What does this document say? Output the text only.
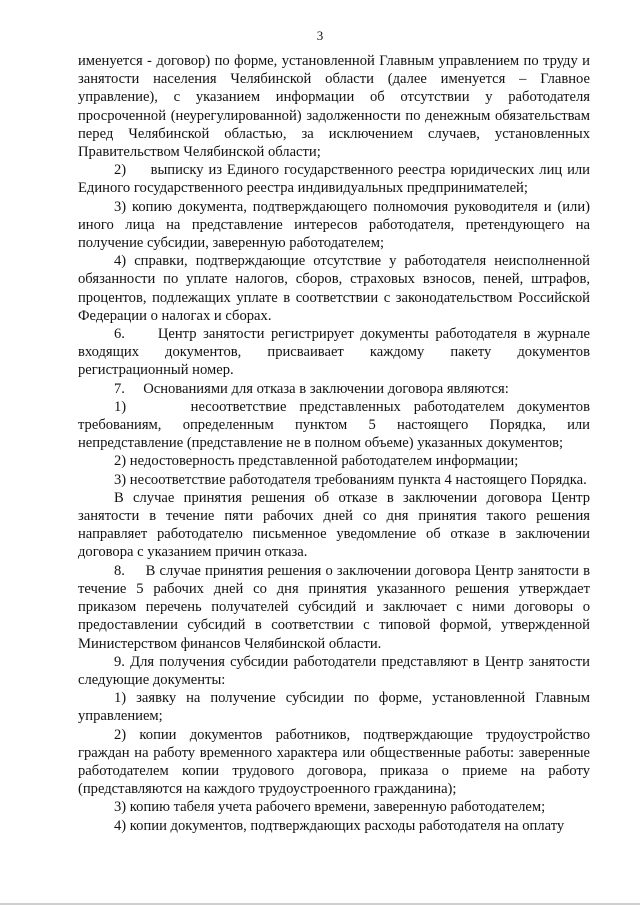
3

именуется - договор) по форме, установленной Главным управлением по труду и занятости населения Челябинской области (далее именуется – Главное управление), с указанием информации об отсутствии у работодателя просроченной (неурегулированной) задолженности по денежным обязательствам перед Челябинской областью, за исключением случаев, установленных Правительством Челябинской области;

2)     выписку из Единого государственного реестра юридических лиц или Единого государственного реестра индивидуальных предпринимателей;

3) копию документа, подтверждающего полномочия руководителя и (или) иного лица на представление интересов работодателя, претендующего на получение субсидии, заверенную работодателем;

4) справки, подтверждающие отсутствие у работодателя неисполненной обязанности по уплате налогов, сборов, страховых взносов, пеней, штрафов, процентов, подлежащих уплате в соответствии с законодательством Российской Федерации о налогах и сборах.

6.     Центр занятости регистрирует документы работодателя в журнале входящих документов, присваивает каждому пакету документов регистрационный номер.

7.     Основаниями для отказа в заключении договора являются:

1)     несоответствие представленных работодателем документов требованиям, определенным пунктом 5 настоящего Порядка, или непредставление (представление не в полном объеме) указанных документов;

2) недостоверность представленной работодателем информации;

3) несоответствие работодателя требованиям пункта 4 настоящего Порядка.

В случае принятия решения об отказе в заключении договора Центр занятости в течение пяти рабочих дней со дня принятия такого решения направляет работодателю письменное уведомление об отказе в заключении договора с указанием причин отказа.

8.     В случае принятия решения о заключении договора Центр занятости в течение 5 рабочих дней со дня принятия указанного решения утверждает приказом перечень получателей субсидий и заключает с ними договоры о предоставлении субсидий в соответствии с типовой формой, утвержденной Министерством финансов Челябинской области.

9. Для получения субсидии работодатели представляют в Центр занятости следующие документы:

1) заявку на получение субсидии по форме, установленной Главным управлением;

2) копии документов работников, подтверждающие трудоустройство граждан на работу временного характера или общественные работы: заверенные работодателем копии трудового договора, приказа о приеме на работу (представляются на каждого трудоустроенного гражданина);

3) копию табеля учета рабочего времени, заверенную работодателем;

4) копии документов, подтверждающих расходы работодателя на оплату
